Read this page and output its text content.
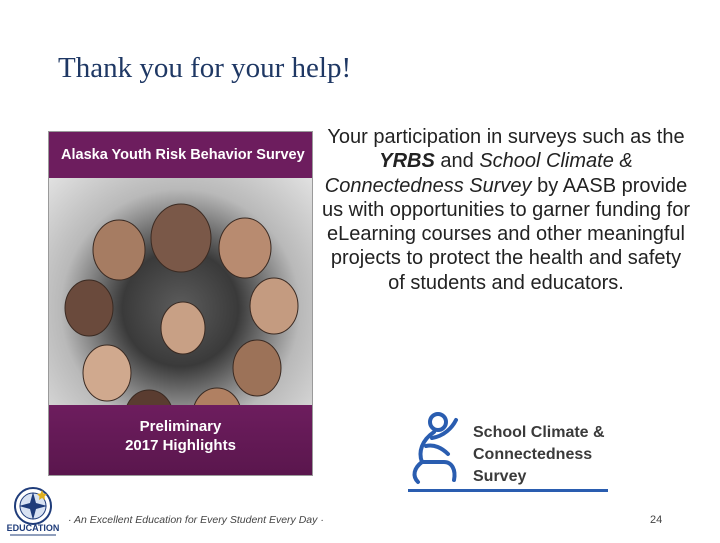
Thank you for your help!
Alaska Youth Risk Behavior Survey
Preliminary
2017 Highlights
Your participation in surveys such as the YRBS and School Climate & Connectedness Survey by AASB provide us with opportunities to garner funding for eLearning courses and other meaningful projects to protect the health and safety of students and educators.
School Climate &
Connectedness
Survey
EDUCATION
· An Excellent Education for Every Student Every Day ·	24
